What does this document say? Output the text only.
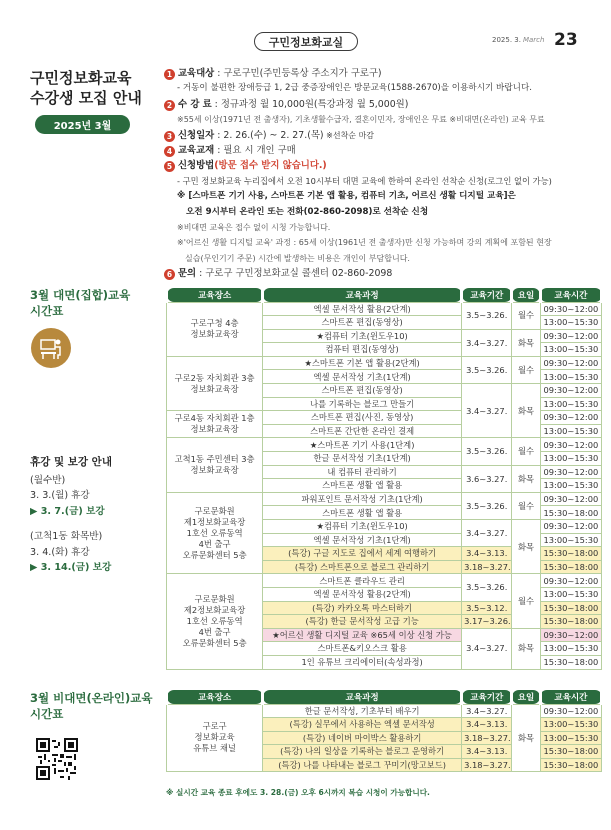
구민정보화교실	2025. 3. March 23
구민정보화교육
수강생 모집 안내
2025년 3월
1 교육대상 : 구로구민(주민등록상 주소지가 구로구)
- 거동이 불편한 장애등급 1, 2급 중증장애인은 방문교육(1588-2670)을 이용하시기 바랍니다.
2 수 강 료 : 정규과정 월 10,000원(특강과정 월 5,000원)
※55세 이상(1971년 전 출생자), 기초생활수급자, 결혼이민자, 장애인은 무료 ※비대면(온라인) 교육 무료
3 신청일자 : 2. 26.(수) ~ 2. 27.(목) ※선착순 마감
4 교육교재 : 필요 시 개인 구매
5 신청방법(방문 접수 받지 않습니다.)
- 구민 정보화교육 누리집에서 오전 10시부터 대면 교육에 한하여 온라인 선착순 신청(로그인 없이 가능)
※ [스마트폰 기기 사용, 스마트폰 기본 앱 활용, 컴퓨터 기초, 어르신 생활 디지털 교육]은
오전 9시부터 온라인 또는 전화(02-860-2098)로 선착순 신청
※비대면 교육은 접수 없이 시청 가능합니다.
※'어르신 생활 디지털 교육' 과정 : 65세 이상(1961년 전 출생자)만 신청 가능하며 강의 계획에 포함된 현장
실습(무인기기 주문) 시간에 발생하는 비용은 개인이 부담합니다.
6 문의 : 구로구 구민정보화교실 콜센터 02-860-2098
3월 대면(집합)교육
시간표
휴강 및 보강 안내
(월수반)
3. 3.(월) 휴강
▶ 3. 7.(금) 보강
(고척1동 화목반)
3. 4.(화) 휴강
▶ 3. 14.(금) 보강
교육장소	교육과정	교육기간	요일	교육시간
구로구청 4층
정보화교육장	엑셀 문서작성 활용(2단계)	3.5~3.26.	월수	09:30~12:00
	스마트폰 편집(동영상)			13:00~15:30
	★컴퓨터 기초(윈도우10)	3.4~3.27.	화목	09:30~12:00
	컴퓨터 편집(동영상)			13:00~15:30
구로2동 자치회관 3층
정보화교육장	★스마트폰 기본 앱 활용(2단계)	3.5~3.26.	월수	09:30~12:00
	엑셀 문서작성 기초(1단계)			13:00~15:30
	스마트폰 편집(동영상)	3.4~3.27.	화목	09:30~12:00
	나를 기록하는 블로그 만들기			13:00~15:30
구로4동 자치회관 1층
정보화교육장	스마트폰 편집(사진, 동영상)			09:30~12:00
	스마트폰 간단한 온라인 결제			13:00~15:30
고척1동 주민센터 3층
정보화교육장	★스마트폰 기기 사용(1단계)	3.5~3.26.	월수	09:30~12:00
	한글 문서작성 기초(1단계)			13:00~15:30
	내 컴퓨터 관리하기	3.6~3.27.	화목	09:30~12:00
	스마트폰 생활 앱 활용			13:00~15:30
구로문화원
제1정보화교육장
1호선 오류동역
4번 출구
오류문화센터 5층	파워포인트 문서작성 기초(1단계)	3.5~3.26.	월수	09:30~12:00
	스마트폰 생활 앱 활용			15:30~18:00
	★컴퓨터 기초(윈도우10)	3.4~3.27.	화목	09:30~12:00
	엑셀 문서작성 기초(1단계)			13:00~15:30
	(특강) 구글 지도로 집에서 세계 여행하기	3.4~3.13.		15:30~18:00
	(특강) 스마트폰으로 블로그 관리하기	3.18~3.27.		15:30~18:00
구로문화원
제2정보화교육장
1호선 오류동역
4번 출구
오류문화센터 5층	스마트폰 클라우드 관리	3.5~3.26.	월수	09:30~12:00
	엑셀 문서작성 활용(2단계)			13:00~15:30
	(특강) 카카오톡 마스터하기	3.5~3.12.		15:30~18:00
	(특강) 한글 문서작성 고급 기능	3.17~3.26.		15:30~18:00
	★어르신 생활 디지털 교육 ※65세 이상 신청 가능	3.4~3.27.	화목	09:30~12:00
	스마트폰&키오스크 활용			13:00~15:30
	1인 유튜브 크리에이터(속성과정)			15:30~18:00
3월 비대면(온라인)교육
시간표
교육장소	교육과정	교육기간	요일	교육시간
구로구
정보화교육
유튜브 채널	한글 문서작성, 기초부터 배우기	3.4~3.27.	화목	09:30~12:00
	(특강) 실무에서 사용하는 엑셀 문서작성	3.4~3.13.		13:00~15:30
	(특강) 네이버 마이박스 활용하기	3.18~3.27.		13:00~15:30
	(특강) 나의 일상을 기록하는 블로그 운영하기	3.4~3.13.		15:30~18:00
	(특강) 나를 나타내는 블로그 꾸미기(망고보드)	3.18~3.27.		15:30~18:00
※ 실시간 교육 종료 후에도 3. 28.(금) 오후 6시까지 복습 시청이 가능합니다.
